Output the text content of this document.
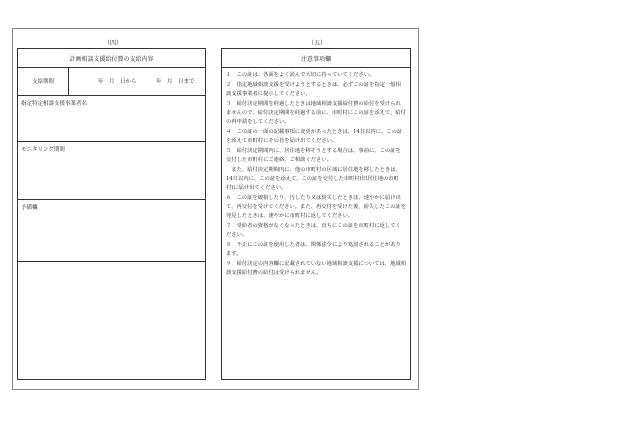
（四）	（五）
計画相談支援給付費の支給内容
支給期間	年　月　日から	年　月　日まで
指定特定相談支援事業者名
モニタリング期間
予備欄
注意事項欄

１　この証は、各面をよく読んで大切に持っていてください。

２　指定地域相談支援を受けようとするときは、必ずこの証を指定一般相談支援事業者に提示してください。

３　給付決定期間を経過したときは地域相談支援給付費の給付を受けられませんので、給付決定期間を経過する前に、市町村にこの証を添えて、給付の再申請をしてください。

４　この証の一面の記載事項に変更があったときは、14日以内に、この証を添えて市町村にその旨を届け出てください。

５　給付決定期間内に、居住地を移そうとする場合は、事前に、この証を交付した市町村にご連絡、ご相談ください。

　また、給付決定期間内に、他の市町村の区域に居住地を移したときは、14日以内に、この証を添えて、この証を交付した市町村(旧居住地の市町村)に届け出てください。

６　この証を破損したり、汚したり又は紛失したときは、速やかに届け出て、再交付を受けてください。また、再交付を受けた後、紛失したこの証を発見したときは、速やかに市町村に返してください。

７　受給者の資格がなくなったときは、直ちにこの証を市町村に返してください。

８　不正にこの証を使用した者は、関係法令により処罰されることがあります。

９　給付決定の内容欄に記載されていない地域相談支援については、地域相談支援給付費の給付は受けられません。
